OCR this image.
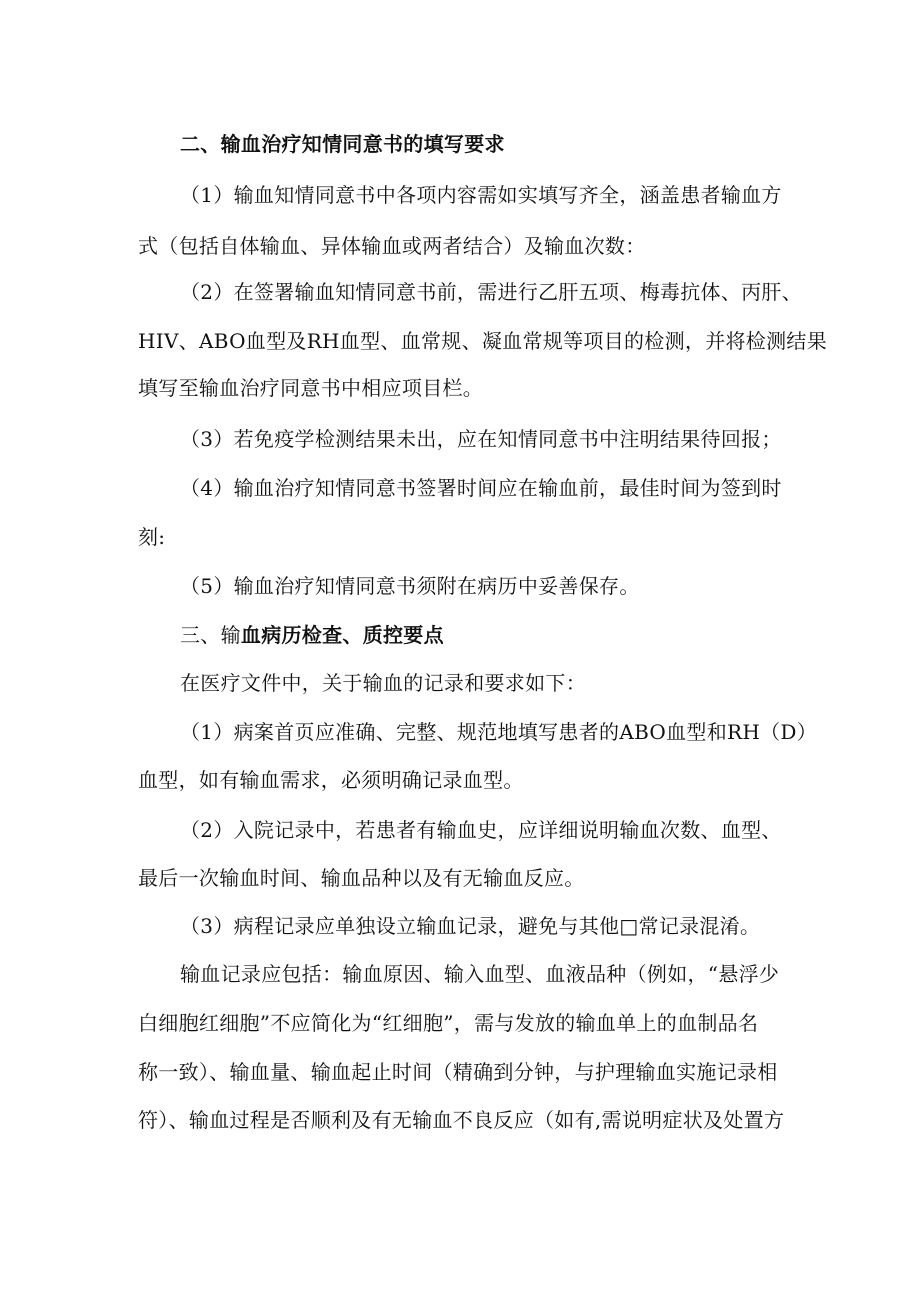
二、输血治疗知情同意书的填写要求
（1）输血知情同意书中各项内容需如实填写齐全，涵盖患者输血方
式（包括自体输血、异体输血或两者结合）及输血次数：
（2）在签署输血知情同意书前，需进行乙肝五项、梅毒抗体、丙肝、
HIV、ABO血型及RH血型、血常规、凝血常规等项目的检测，并将检测结果
填写至输血治疗同意书中相应项目栏。
（3）若免疫学检测结果未出，应在知情同意书中注明结果待回报；
（4）输血治疗知情同意书签署时间应在输血前，最佳时间为签到时
刻:
（5）输血治疗知情同意书须附在病历中妥善保存。
三、输血病历检查、质控要点
在医疗文件中，关于输血的记录和要求如下：
（1）病案首页应准确、完整、规范地填写患者的ABO血型和RH（D）
血型，如有输血需求，必须明确记录血型。
（2）入院记录中，若患者有输血史，应详细说明输血次数、血型、
最后一次输血时间、输血品种以及有无输血反应。
（3）病程记录应单独设立输血记录，避免与其他□常记录混淆。
输血记录应包括：输血原因、输入血型、血液品种（例如，“悬浮少
白细胞红细胞”不应简化为“红细胞”，需与发放的输血单上的血制品名
称一致）、输血量、输血起止时间（精确到分钟，与护理输血实施记录相
符）、输血过程是否顺利及有无输血不良反应（如有,需说明症状及处置方
